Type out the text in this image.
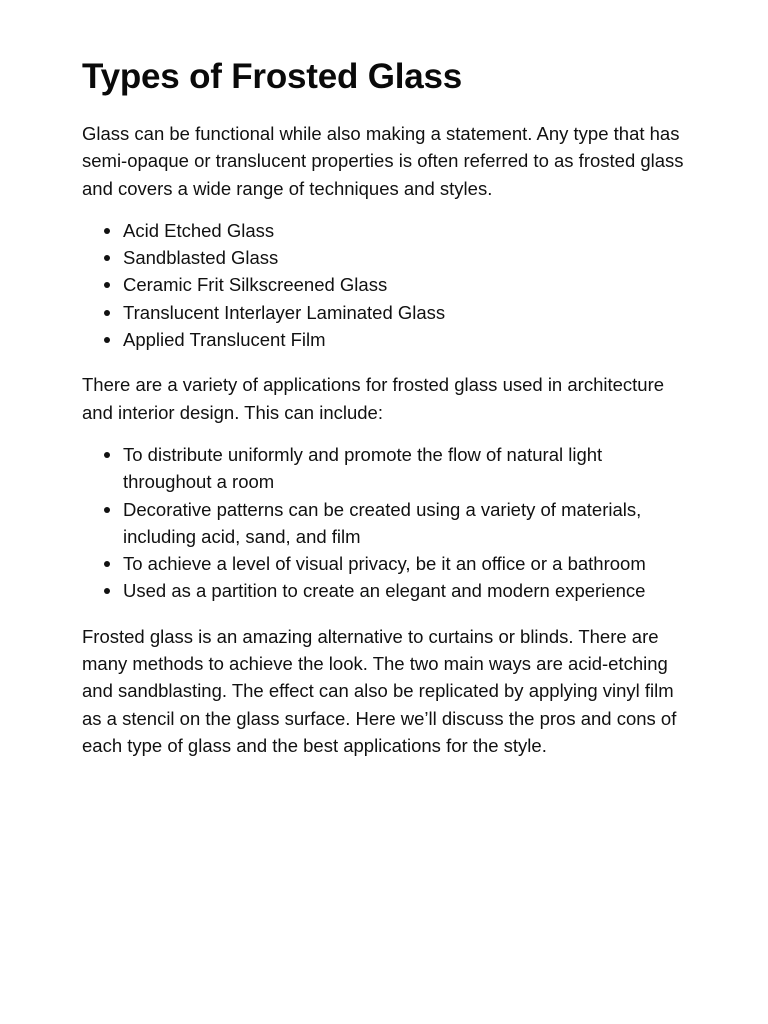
Types of Frosted Glass

Glass can be functional while also making a statement. Any type that has semi-opaque or translucent properties is often referred to as frosted glass and covers a wide range of techniques and styles.

Acid Etched Glass
Sandblasted Glass
Ceramic Frit Silkscreened Glass
Translucent Interlayer Laminated Glass
Applied Translucent Film

There are a variety of applications for frosted glass used in architecture and interior design. This can include:

To distribute uniformly and promote the flow of natural light throughout a room
Decorative patterns can be created using a variety of materials, including acid, sand, and film
To achieve a level of visual privacy, be it an office or a bathroom
Used as a partition to create an elegant and modern experience

Frosted glass is an amazing alternative to curtains or blinds. There are many methods to achieve the look. The two main ways are acid-etching and sandblasting. The effect can also be replicated by applying vinyl film as a stencil on the glass surface. Here we’ll discuss the pros and cons of each type of glass and the best applications for the style.
